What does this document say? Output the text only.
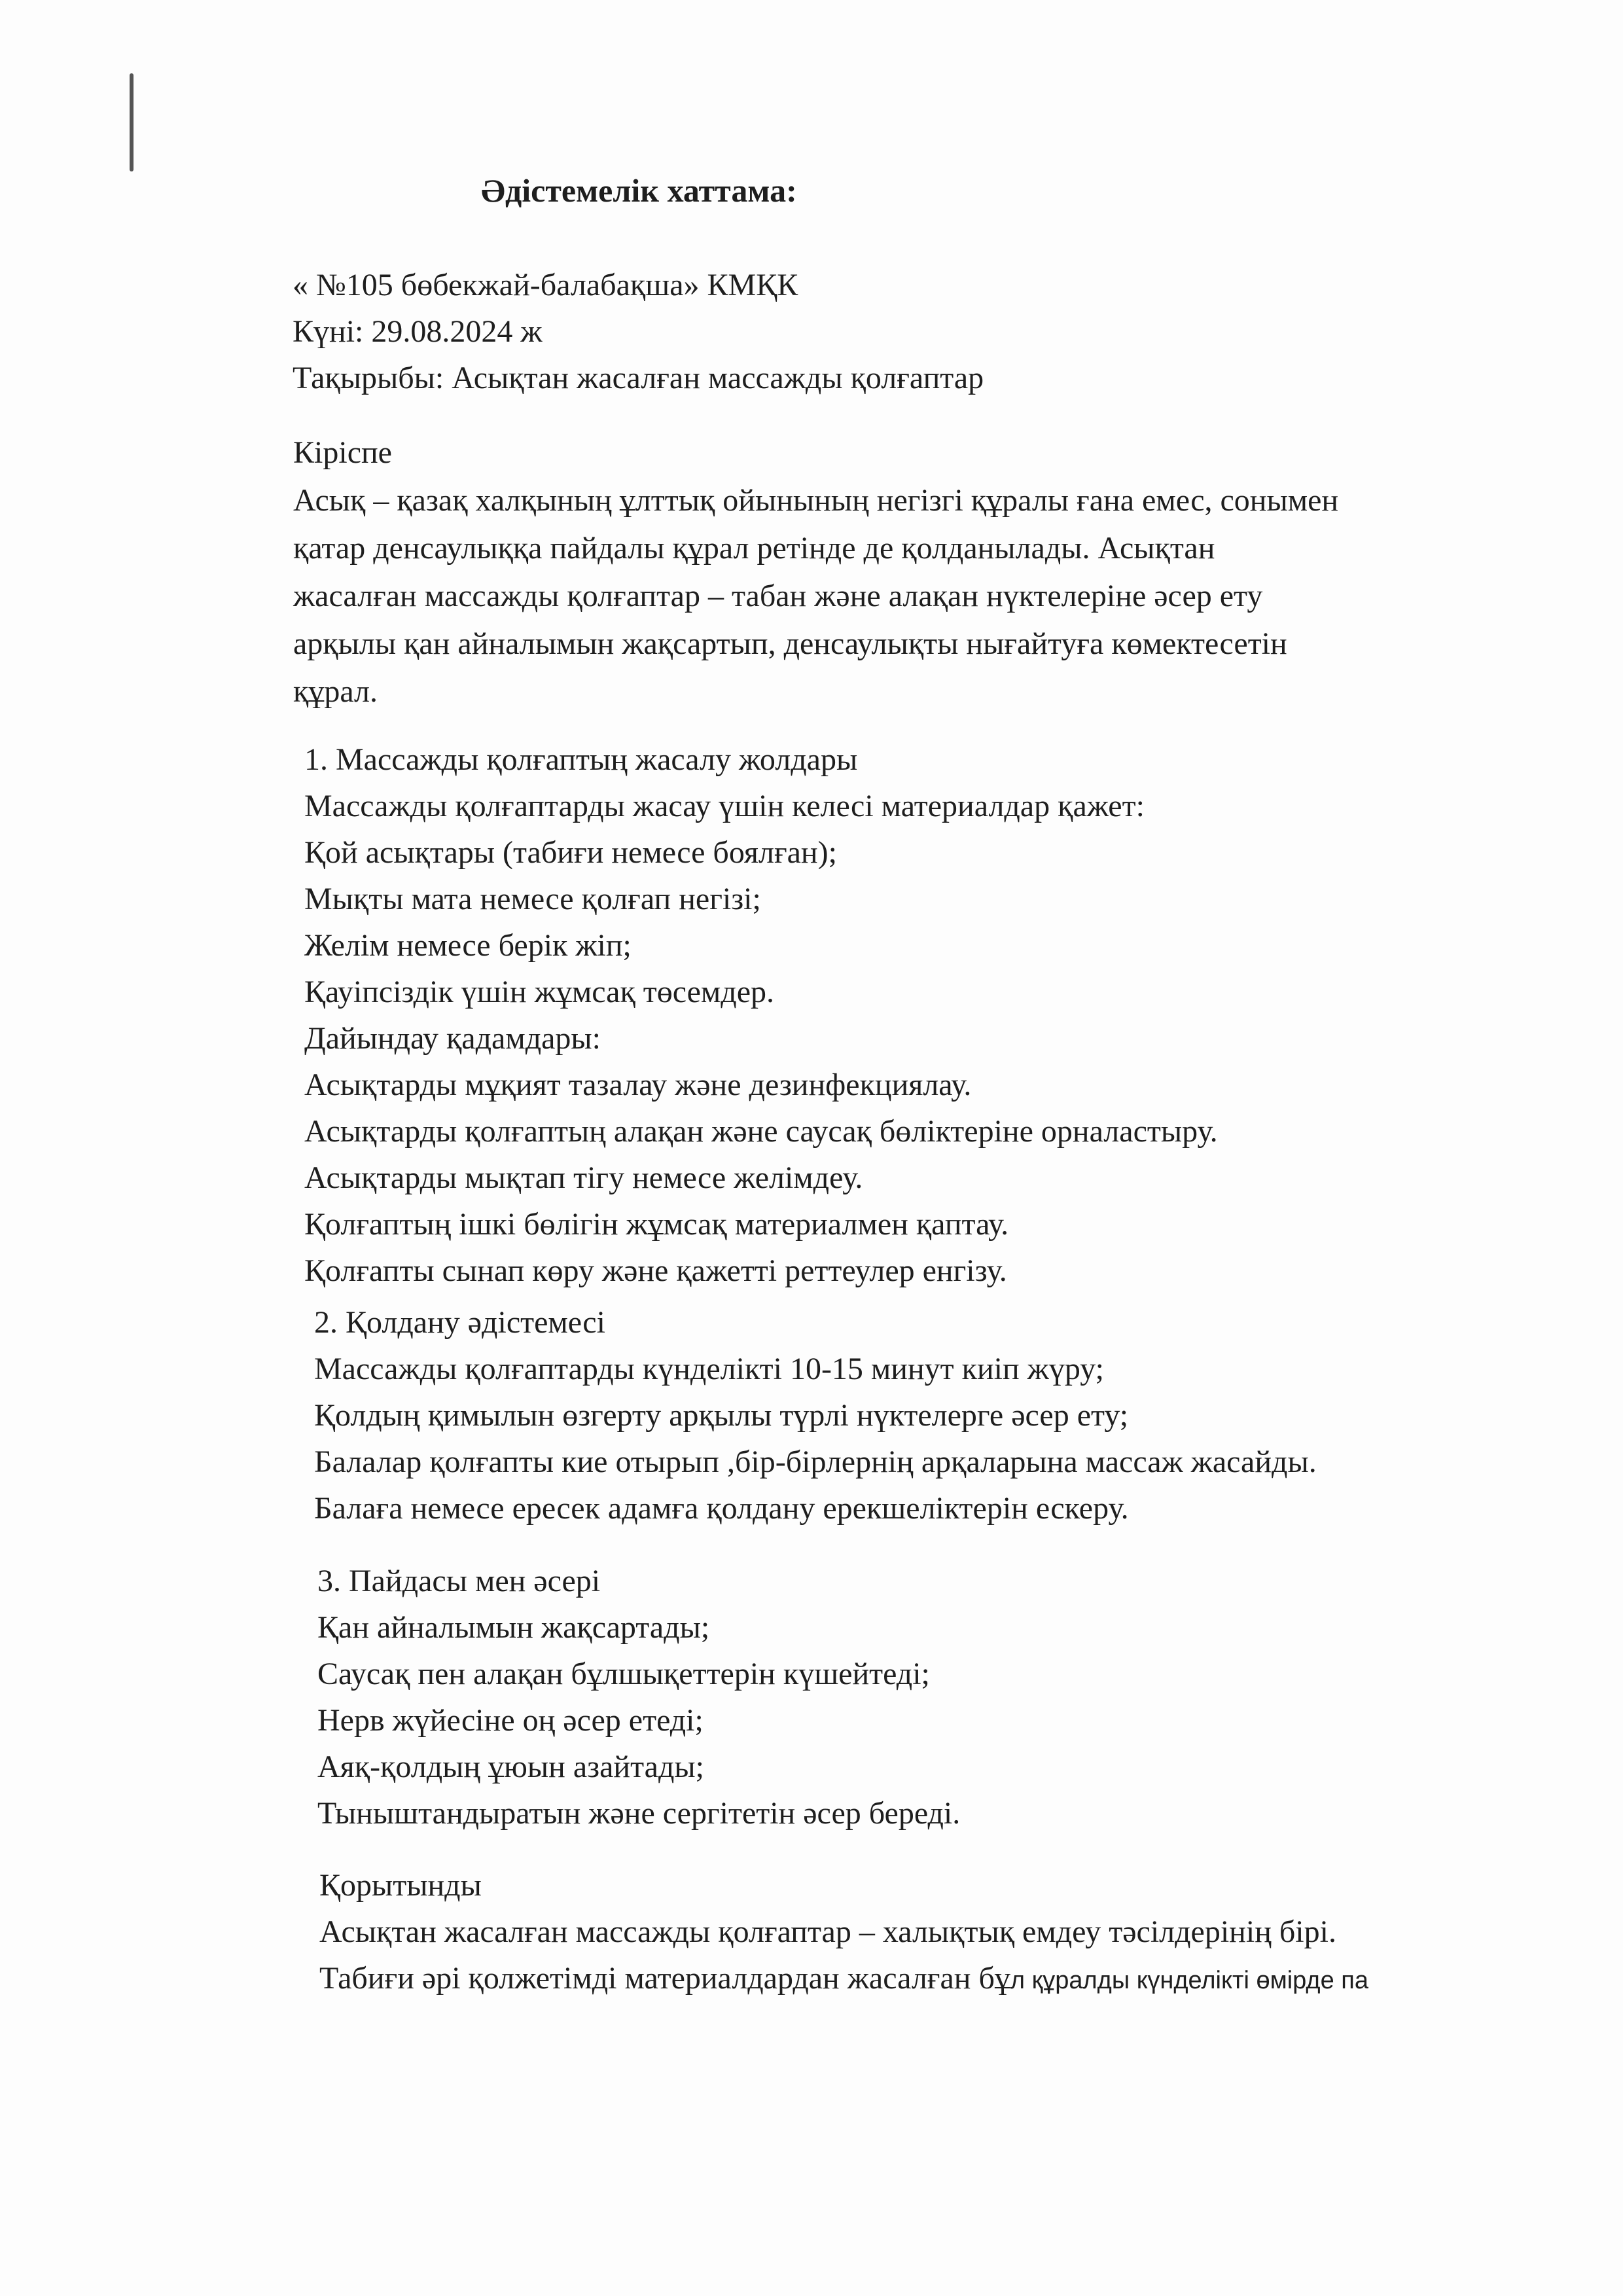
Әдістемелік хаттама:
« №105 бөбекжай-балабақша» КМҚК
Күні: 29.08.2024 ж
Тақырыбы: Асықтан жасалған массажды қолғаптар
Кіріспе
Асық – қазақ халқының ұлттық ойынының негізгі құралы ғана емес, сонымен
қатар денсаулыққа пайдалы құрал ретінде де қолданылады. Асықтан
жасалған массажды қолғаптар – табан және алақан нүктелеріне әсер ету
арқылы қан айналымын жақсартып, денсаулықты нығайтуға көмектесетін
құрал.
1. Массажды қолғаптың жасалу жолдары
Массажды қолғаптарды жасау үшін келесі материалдар қажет:
Қой асықтары (табиғи немесе боялған);
Мықты мата немесе қолғап негізі;
Желім немесе берік жіп;
Қауіпсіздік үшін жұмсақ төсемдер.
Дайындау қадамдары:
Асықтарды мұқият тазалау және дезинфекциялау.
Асықтарды қолғаптың алақан және саусақ бөліктеріне орналастыру.
Асықтарды мықтап тігу немесе желімдеу.
Қолғаптың ішкі бөлігін жұмсақ материалмен қаптау.
Қолғапты сынап көру және қажетті реттеулер енгізу.
2. Қолдану әдістемесі
Массажды қолғаптарды күнделікті 10-15 минут киіп жүру;
Қолдың қимылын өзгерту арқылы түрлі нүктелерге әсер ету;
Балалар қолғапты кие отырып ,бір-бірлернің арқаларына массаж жасайды.
Балаға немесе ересек адамға қолдану ерекшеліктерін ескеру.
3. Пайдасы мен әсері
Қан айналымын жақсартады;
Саусақ пен алақан бұлшықеттерін күшейтеді;
Нерв жүйесіне оң әсер етеді;
Аяқ-қолдың ұюын азайтады;
Тыныштандыратын және сергітетін әсер береді.
Қорытынды
Асықтан жасалған массажды қолғаптар – халықтық емдеу тәсілдерінің бірі.
Табиғи әрі қолжетімді материалдардан жасалған бұл құралды күнделікті өмірде па
